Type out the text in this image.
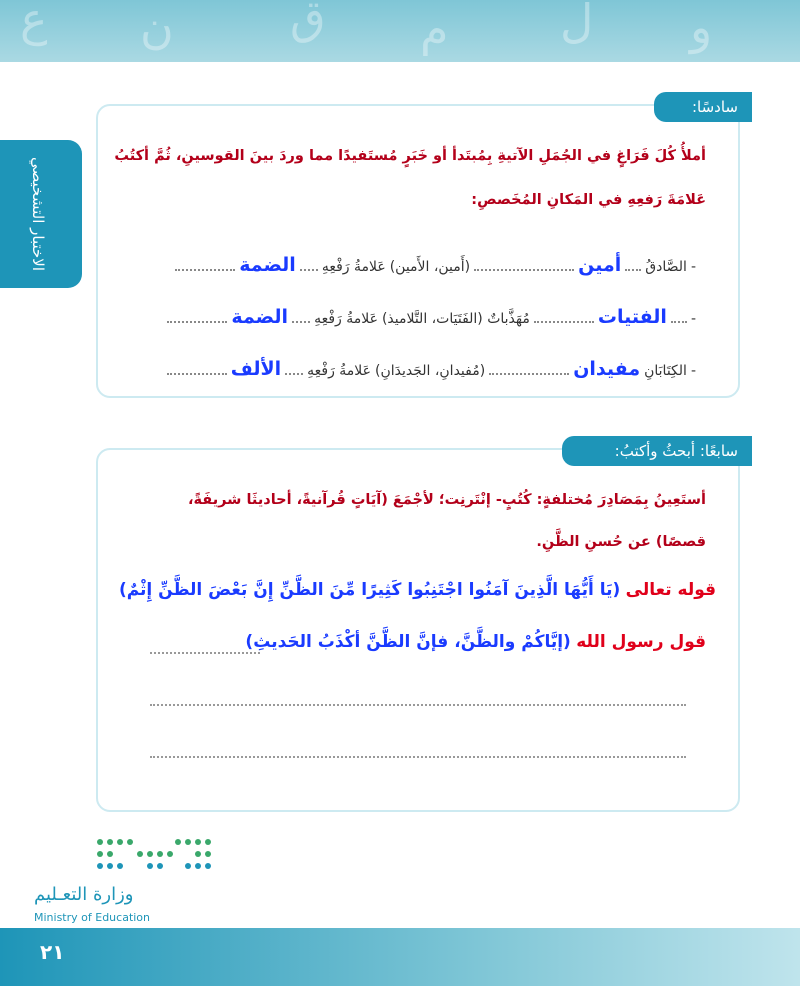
ع ن	ق م ل و
الاختبار التشخيصي
سادسًا:
أملأُ كُلَ فَرَاغٍ في الجُمَلِ الآتيةِ بِمُبتَدأ أو خَبَرٍ مُستَفيدًا مما وردَ بينَ القوسينِ، ثُمَّ أكتُبُ
عَلامَةَ رَفعِهِ في المَكانِ المُخَصصِ:
-
الصَّادقُ
أمين
(أَمين، الأَمين)
عَلامةُ رَفْعِهِ
الضمة
-
الفتيات
مُهَذَّباتٌ (الفَتَيَات، التَّلاميذ)
عَلامةُ رَفْعِهِ
الضمة
-
الكِتَابَانِ
مفيدان
(مُفيدانِ، الجَديدَانِ)
عَلامةُ رَفْعِهِ
الألف
سابعًا: أبحثُ وأكتبُ:
أستَعِينُ بِمَصَادِرَ مُختلفةٍ: كُتُبٍ- إنْتَرنِت؛ لأجْمَعَ (آيَاتٍ قُرآنيةً، أحاديثَا شريفَةً،
قصصًا) عن حُسنِ الظَّنِ.
قوله تعالى (يَا أَيُّهَا الَّذِينَ آمَنُوا اجْتَنِبُوا كَثِيرًا مِّنَ الظَّنِّ إِنَّ بَعْضَ الظَّنِّ إِثْمٌ)
قول رسول الله (إيَّاكُمْ والظَّنَّ، فإنَّ الظَّنَّ أكْذَبُ الحَديثِ)
وزارة التعـليم
Ministry of Education
٢١
